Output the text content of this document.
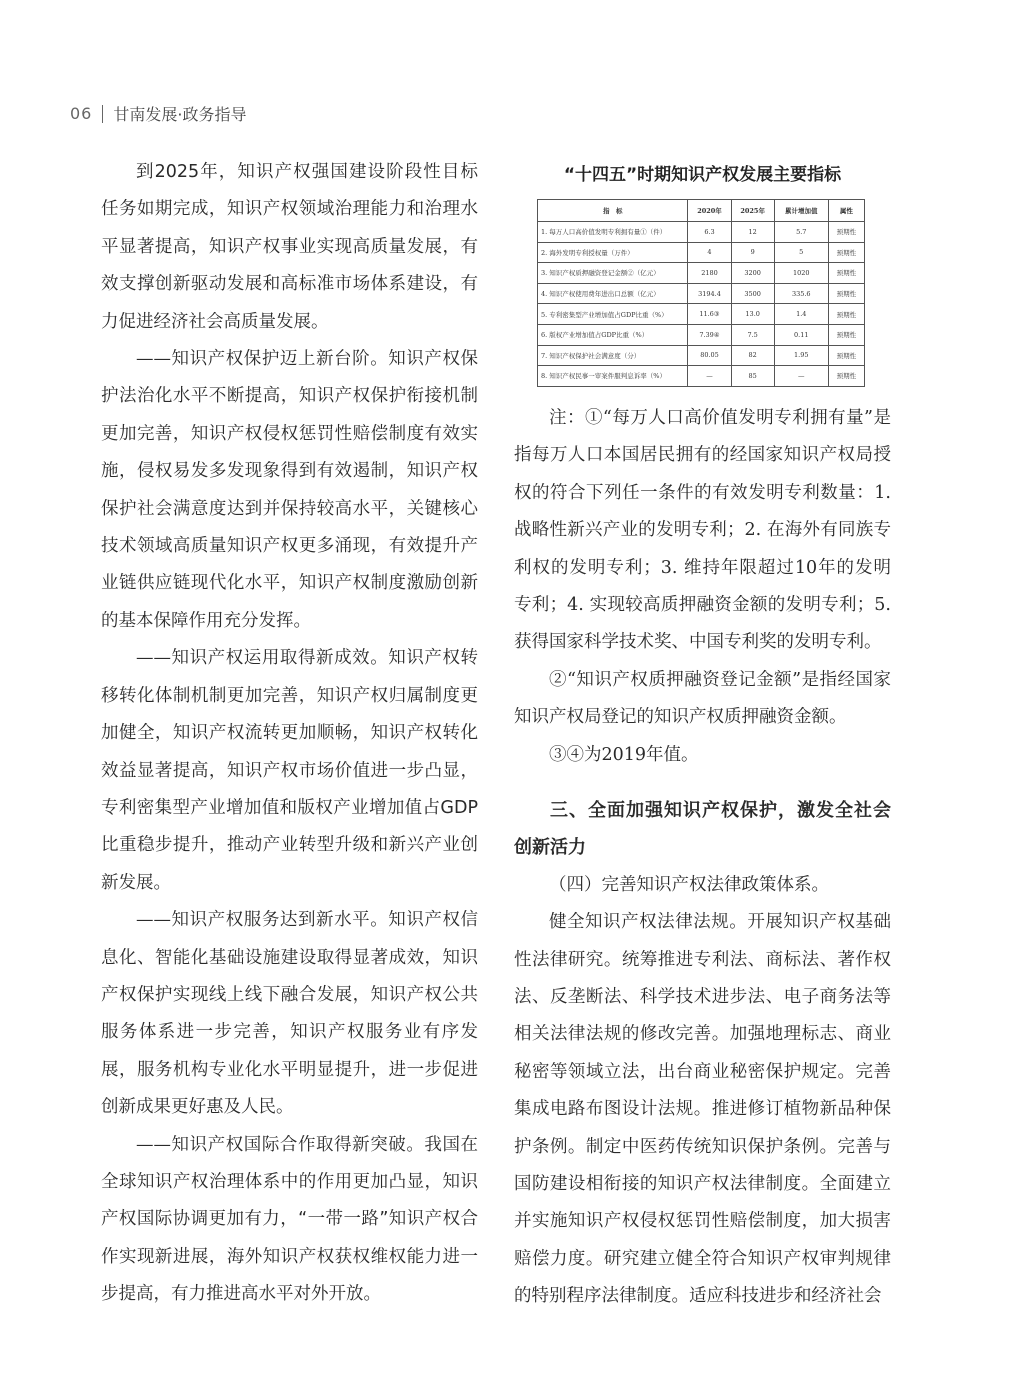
06 甘南发展·政务指导

到2025年，知识产权强国建设阶段性目标任务如期完成，知识产权领域治理能力和治理水平显著提高，知识产权事业实现高质量发展，有效支撑创新驱动发展和高标准市场体系建设，有力促进经济社会高质量发展。

——知识产权保护迈上新台阶。知识产权保护法治化水平不断提高，知识产权保护衔接机制更加完善，知识产权侵权惩罚性赔偿制度有效实施，侵权易发多发现象得到有效遏制，知识产权保护社会满意度达到并保持较高水平，关键核心技术领域高质量知识产权更多涌现，有效提升产业链供应链现代化水平，知识产权制度激励创新的基本保障作用充分发挥。

——知识产权运用取得新成效。知识产权转移转化体制机制更加完善，知识产权归属制度更加健全，知识产权流转更加顺畅，知识产权转化效益显著提高，知识产权市场价值进一步凸显，专利密集型产业增加值和版权产业增加值占GDP比重稳步提升，推动产业转型升级和新兴产业创新发展。

——知识产权服务达到新水平。知识产权信息化、智能化基础设施建设取得显著成效，知识产权保护实现线上线下融合发展，知识产权公共服务体系进一步完善，知识产权服务业有序发展，服务机构专业化水平明显提升，进一步促进创新成果更好惠及人民。

——知识产权国际合作取得新突破。我国在全球知识产权治理体系中的作用更加凸显，知识产权国际协调更加有力，“一带一路”知识产权合作实现新进展，海外知识产权获权维权能力进一步提高，有力推进高水平对外开放。

“十四五”时期知识产权发展主要指标
指　标	2020年	2025年	累计增加值	属性
1. 每万人口高价值发明专利拥有量①（件）	6.3	12	5.7	预期性
2. 海外发明专利授权量（万件）	4	9	5	预期性
3. 知识产权质押融资登记金额②（亿元）	2180	3200	1020	预期性
4. 知识产权使用费年进出口总额（亿元）	3194.4	3500	335.6	预期性
5. 专利密集型产业增加值占GDP比重（%）	11.6③	13.0	1.4	预期性
6. 版权产业增加值占GDP比重（%）	7.39④	7.5	0.11	预期性
7. 知识产权保护社会满意度（分）	80.05	82	1.95	预期性
8. 知识产权民事一审案件服判息诉率（%）	—	85	—	预期性

注：①“每万人口高价值发明专利拥有量”是指每万人口本国居民拥有的经国家知识产权局授权的符合下列任一条件的有效发明专利数量：1. 战略性新兴产业的发明专利；2. 在海外有同族专利权的发明专利；3. 维持年限超过10年的发明专利；4. 实现较高质押融资金额的发明专利；5. 获得国家科学技术奖、中国专利奖的发明专利。

②“知识产权质押融资登记金额”是指经国家知识产权局登记的知识产权质押融资金额。

③④为2019年值。

三、全面加强知识产权保护，激发全社会创新活力

（四）完善知识产权法律政策体系。

健全知识产权法律法规。开展知识产权基础性法律研究。统筹推进专利法、商标法、著作权法、反垄断法、科学技术进步法、电子商务法等相关法律法规的修改完善。加强地理标志、商业秘密等领域立法，出台商业秘密保护规定。完善集成电路布图设计法规。推进修订植物新品种保护条例。制定中医药传统知识保护条例。完善与国防建设相衔接的知识产权法律制度。全面建立并实施知识产权侵权惩罚性赔偿制度，加大损害赔偿力度。研究建立健全符合知识产权审判规律的特别程序法律制度。适应科技进步和经济社会
